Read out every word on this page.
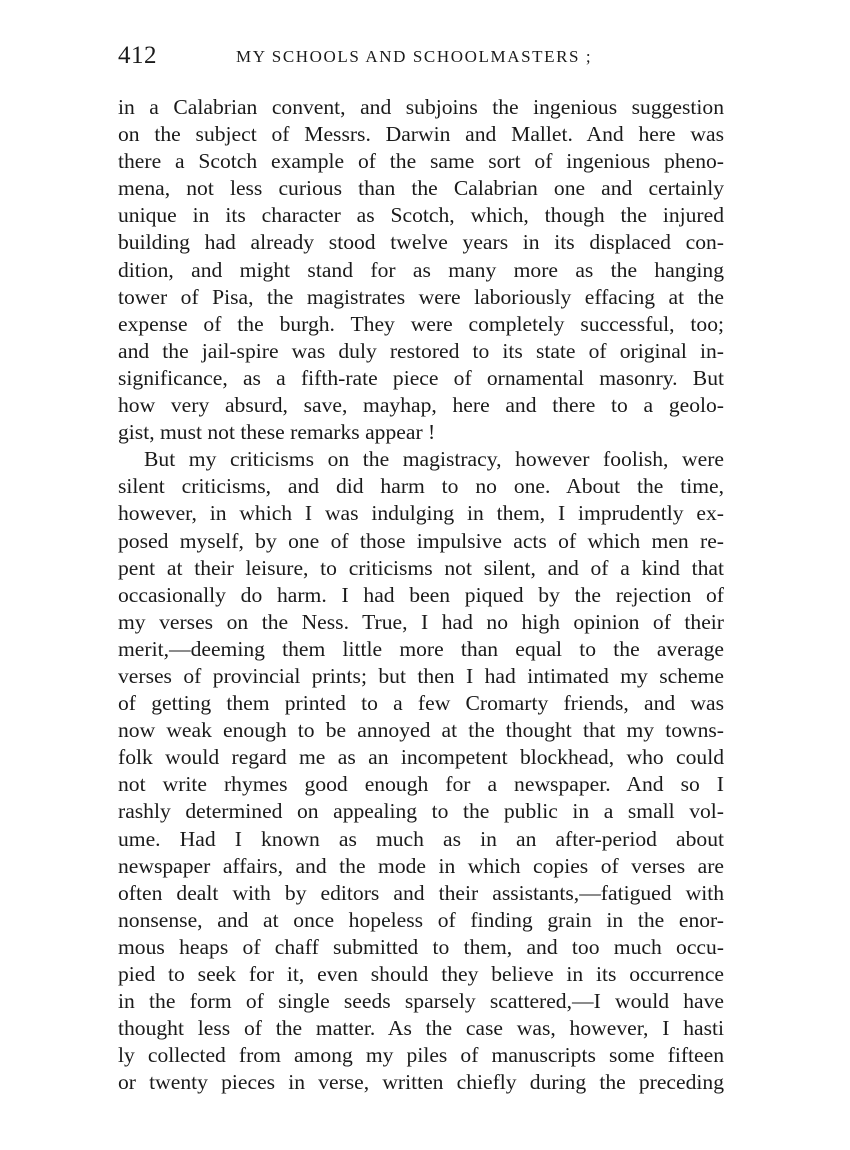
412	MY SCHOOLS AND SCHOOLMASTERS ;
in a Calabrian convent, and subjoins the ingenious suggestion
on the subject of Messrs. Darwin and Mallet. And here was
there a Scotch example of the same sort of ingenious pheno-
mena, not less curious than the Calabrian one and certainly
unique in its character as Scotch, which, though the injured
building had already stood twelve years in its displaced con-
dition, and might stand for as many more as the hanging
tower of Pisa, the magistrates were laboriously effacing at the
expense of the burgh. They were completely successful, too;
and the jail-spire was duly restored to its state of original in-
significance, as a fifth-rate piece of ornamental masonry. But
how very absurd, save, mayhap, here and there to a geolo-
gist, must not these remarks appear !
But my criticisms on the magistracy, however foolish, were
silent criticisms, and did harm to no one. About the time,
however, in which I was indulging in them, I imprudently ex-
posed myself, by one of those impulsive acts of which men re-
pent at their leisure, to criticisms not silent, and of a kind that
occasionally do harm. I had been piqued by the rejection of
my verses on the Ness. True, I had no high opinion of their
merit,—deeming them little more than equal to the average
verses of provincial prints; but then I had intimated my scheme
of getting them printed to a few Cromarty friends, and was
now weak enough to be annoyed at the thought that my towns-
folk would regard me as an incompetent blockhead, who could
not write rhymes good enough for a newspaper. And so I
rashly determined on appealing to the public in a small vol-
ume. Had I known as much as in an after-period about
newspaper affairs, and the mode in which copies of verses are
often dealt with by editors and their assistants,—fatigued with
nonsense, and at once hopeless of finding grain in the enor-
mous heaps of chaff submitted to them, and too much occu-
pied to seek for it, even should they believe in its occurrence
in the form of single seeds sparsely scattered,—I would have
thought less of the matter. As the case was, however, I hasti
ly collected from among my piles of manuscripts some fifteen
or twenty pieces in verse, written chiefly during the preceding
